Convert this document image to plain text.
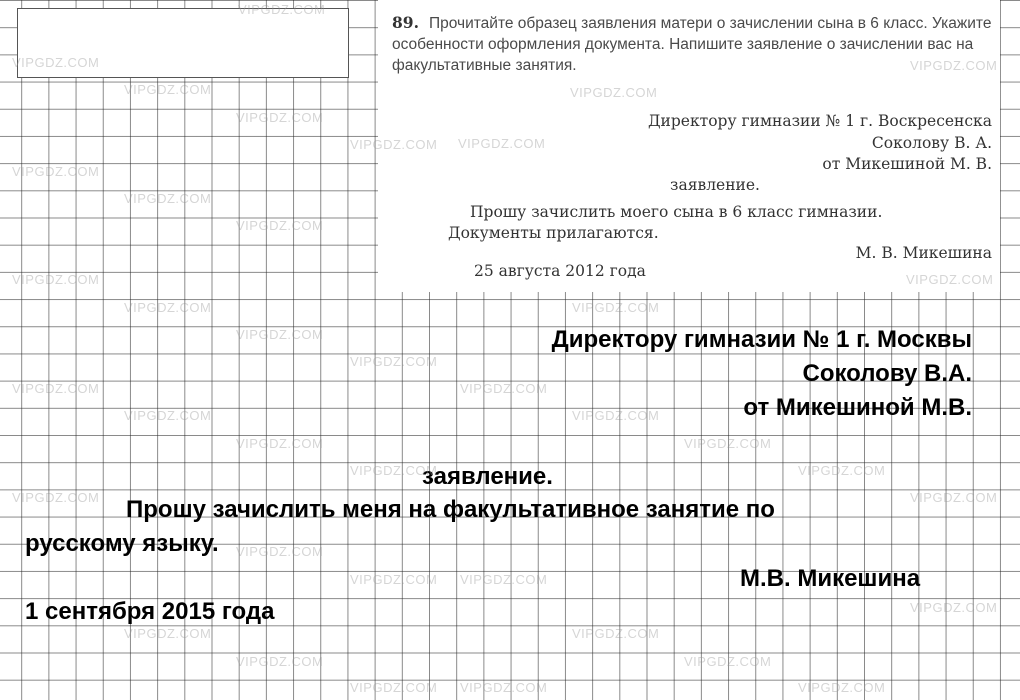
89. Прочитайте образец заявления матери о зачислении сына в 6 класс. Укажите особенности оформления документа. Напишите заявление о зачислении вас на факультативные занятия.
Директору гимназии № 1 г. Воскресенска
Соколову В. А.
от Микешиной М. В.
заявление.
Прошу зачислить моего сына в 6 класс гимназии.
Документы прилагаются.
М. В. Микешина
25 августа 2012 года
Директору гимназии № 1 г. Москвы
Соколову В.А.
от Микешиной М.В.
заявление.
Прошу зачислить меня на факультативное занятие по
русскому языку.
М.В. Микешина
1 сентября 2015 года
VIPGDZ.COM
VIPGDZ.COM
VIPGDZ.COM
VIPGDZ.COM
VIPGDZ.COM
VIPGDZ.COM
VIPGDZ.COM
VIPGDZ.COM
VIPGDZ.COM
VIPGDZ.COM
VIPGDZ.COM
VIPGDZ.COM
VIPGDZ.COM
VIPGDZ.COM
VIPGDZ.COM
VIPGDZ.COM
VIPGDZ.COM
VIPGDZ.COM
VIPGDZ.COM
VIPGDZ.COM
VIPGDZ.COM
VIPGDZ.COM
VIPGDZ.COM
VIPGDZ.COM
VIPGDZ.COM
VIPGDZ.COM
VIPGDZ.COM
VIPGDZ.COM
VIPGDZ.COM
VIPGDZ.COM
VIPGDZ.COM
VIPGDZ.COM
VIPGDZ.COM
VIPGDZ.COM
VIPGDZ.COM
VIPGDZ.COM
VIPGDZ.COM
VIPGDZ.COM
